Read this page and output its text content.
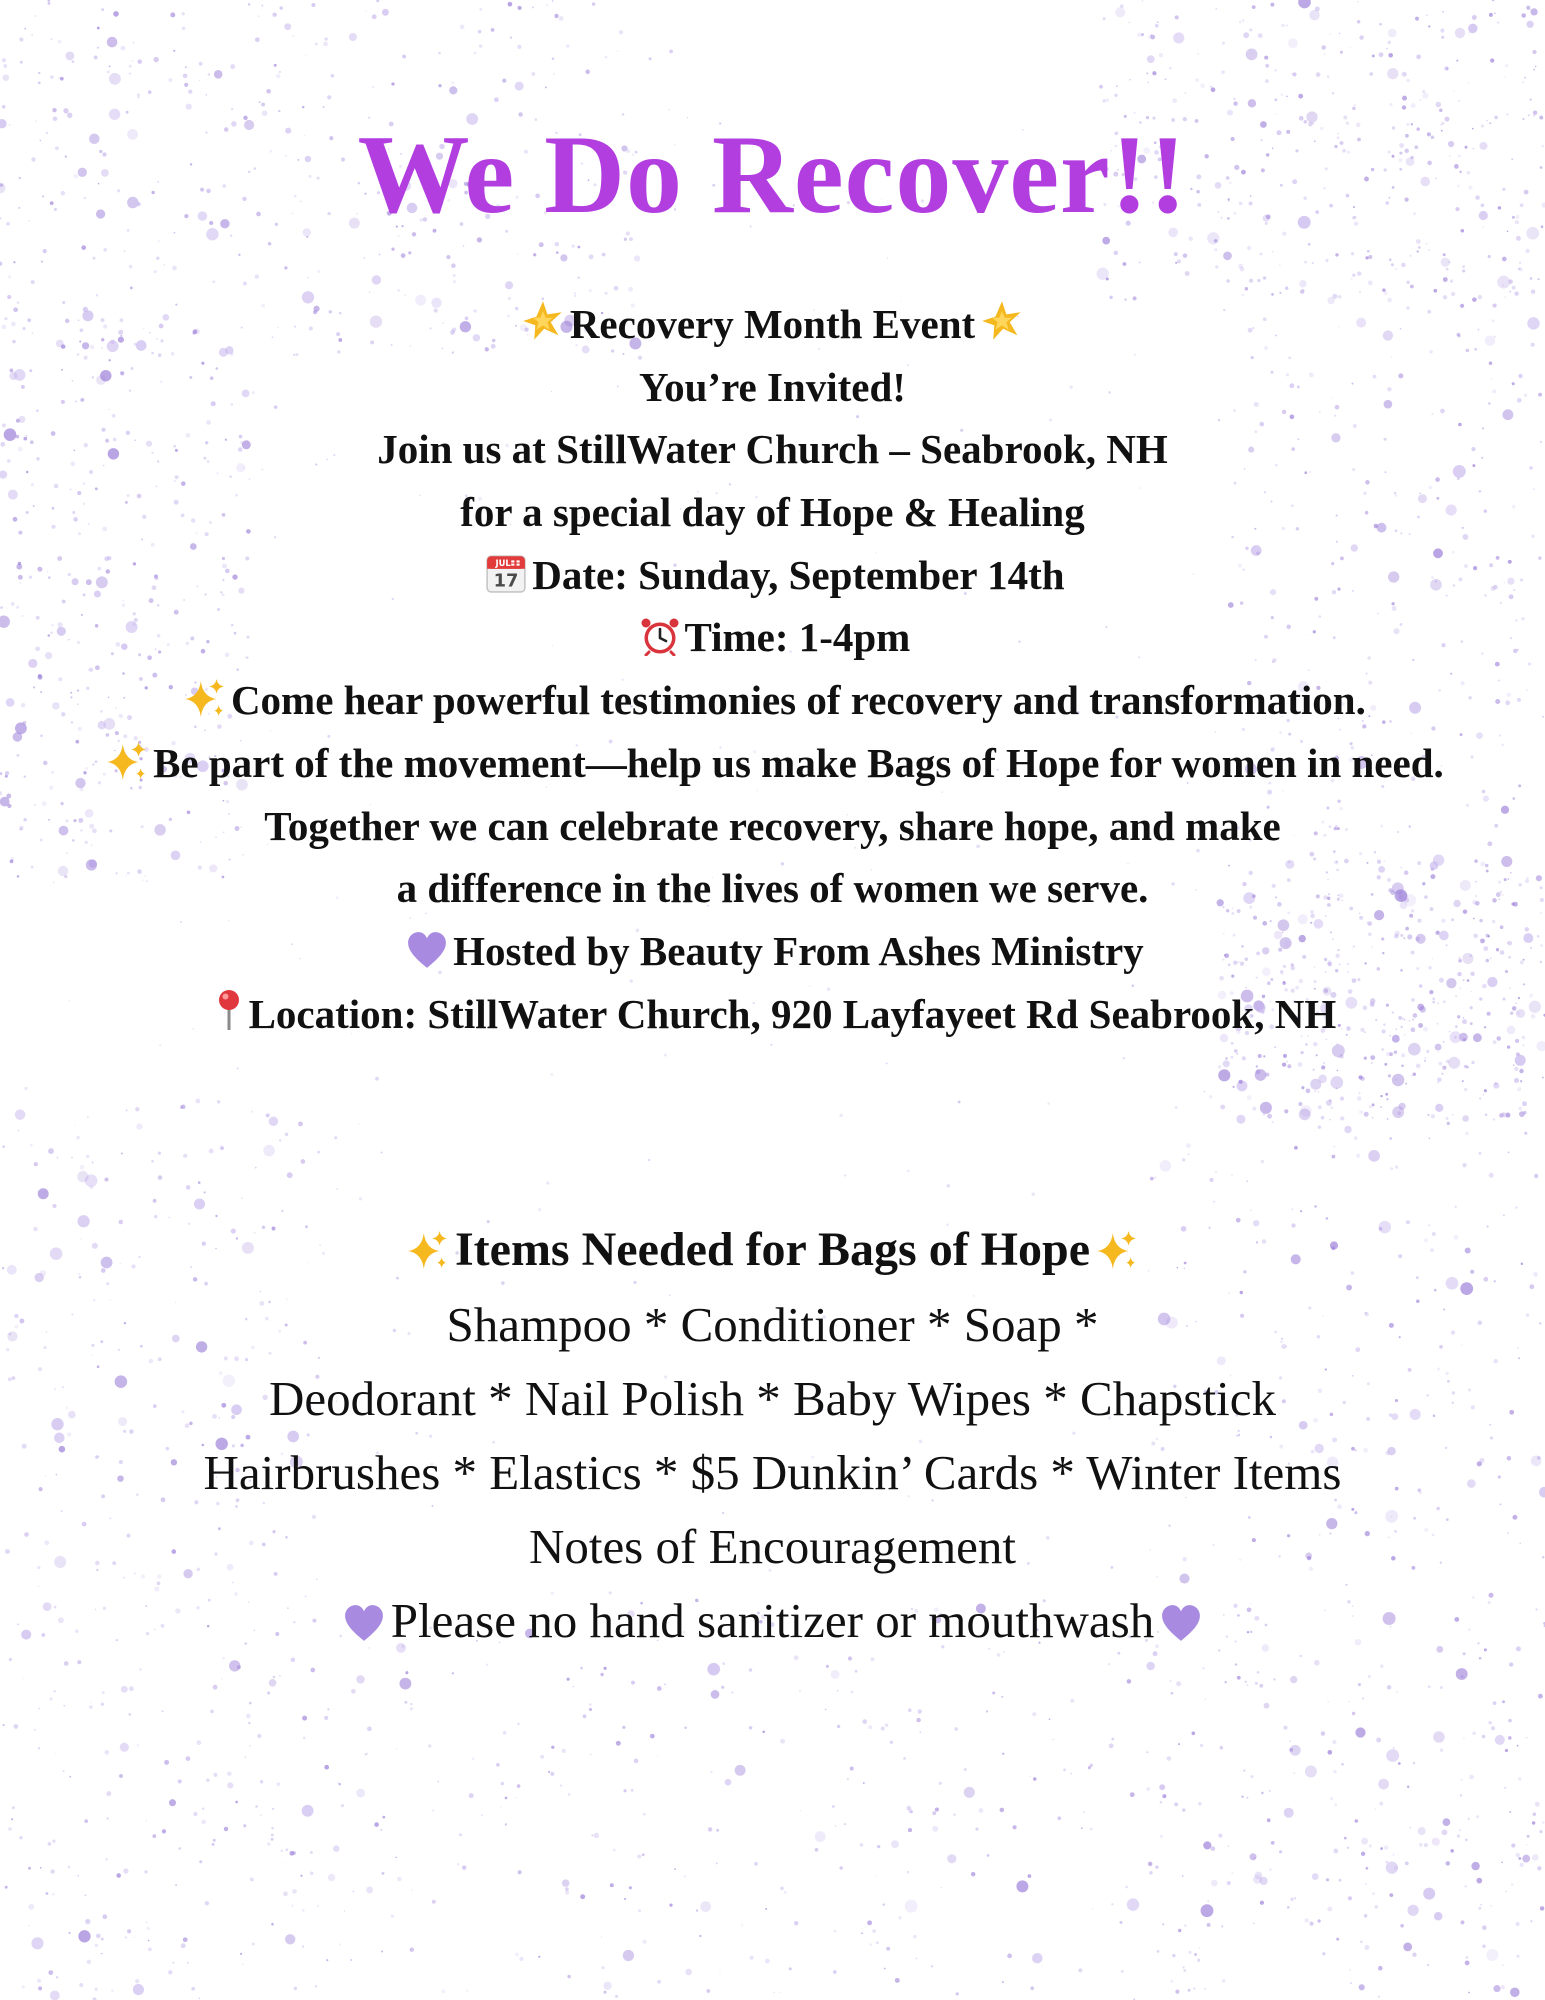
We Do Recover!!
Recovery Month Event
You’re Invited!
Join us at StillWater Church – Seabrook, NH
for a special day of Hope & Healing
JUL
17 Date: Sunday, September 14th
Time: 1-4pm
Come hear powerful testimonies of recovery and transformation.
Be part of the movement—help us make Bags of Hope for women in need.
Together we can celebrate recovery, share hope, and make
a difference in the lives of women we serve.
Hosted by Beauty From Ashes Ministry
Location: StillWater Church, 920 Layfayeet Rd Seabrook, NH
Items Needed for Bags of Hope
Shampoo * Conditioner * Soap *
Deodorant * Nail Polish * Baby Wipes * Chapstick
Hairbrushes * Elastics * $5 Dunkin’ Cards * Winter Items
Notes of Encouragement
Please no hand sanitizer or mouthwash
